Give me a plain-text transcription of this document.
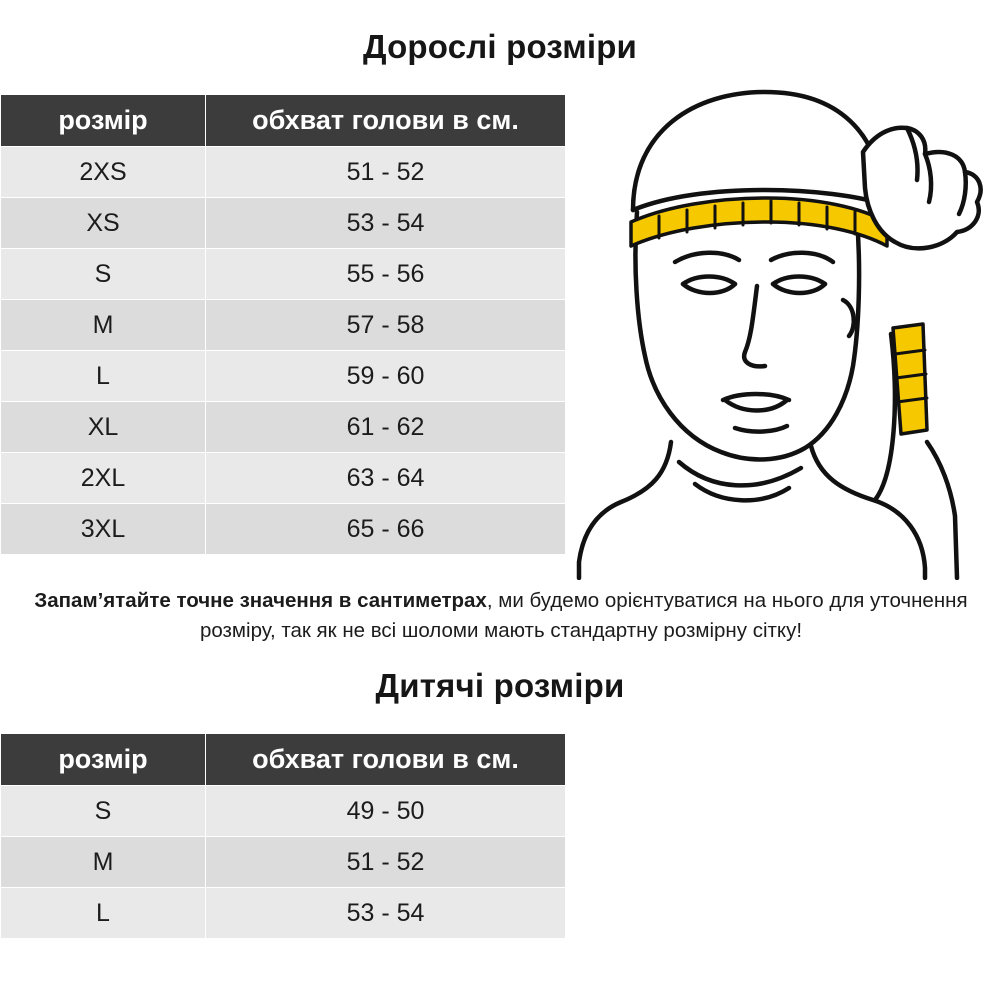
Дорослі розміри
розмір	обхват голови в см.
2XS	51 - 52
XS	53 - 54
S	55 - 56
M	57 - 58
L	59 - 60
XL	61 - 62
2XL	63 - 64
3XL	65 - 66
Запам’ятайте точне значення в сантиметрах, ми будемо орієнтуватися на нього для уточнення розміру, так як не всі шоломи мають стандартну розмірну сітку!
Дитячі розміри
розмір	обхват голови в см.
S	49 - 50
M	51 - 52
L	53 - 54
